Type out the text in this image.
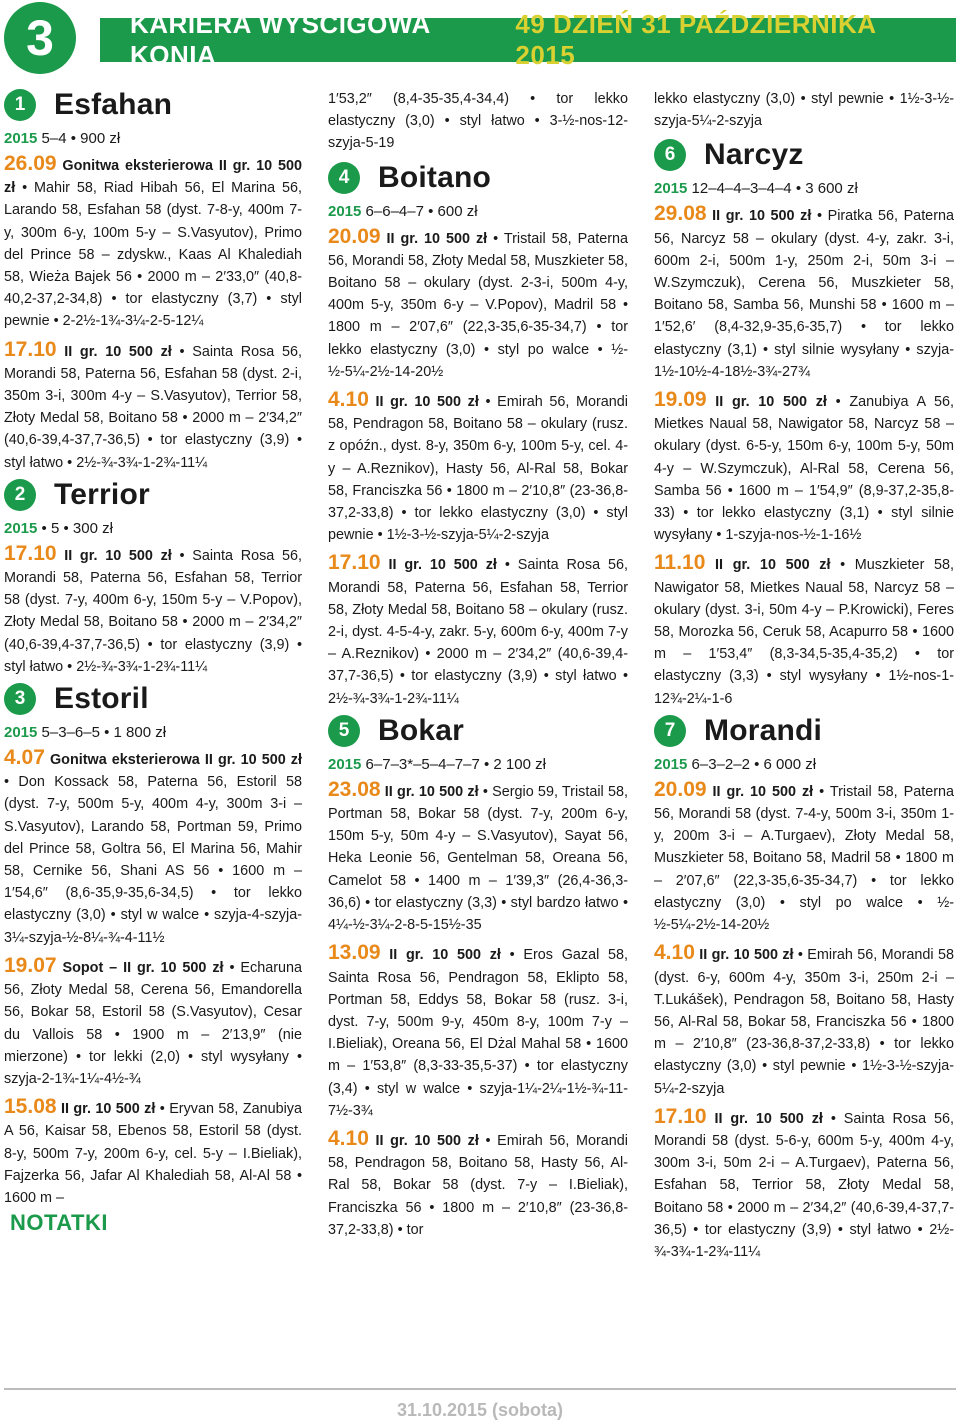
3	KARIERA WYŚCIGOWA KONIA
49 DZIEŃ 31 PAŹDZIERNIKA 2015
1 Esfahan
2015 5–4 • 900 zł
26.09 Gonitwa eksterierowa II gr. 10 500 zł • Mahir 58, Riad Hibah 56, El Marina 56, Larando 58, Esfahan 58 (dyst. 7-8-y, 400m 7-y, 300m 6-y, 100m 5-y – S.Vasyutov), Primo del Prince 58 – zdyskw., Kaas Al Khalediah 58, Wieża Bajek 56 • 2000 m – 2′33,0″ (40,8-40,2-37,2-34,8) • tor elastyczny (3,7) • styl pewnie • 2-2½-1¾-3¼-2-5-12¼
17.10 II gr. 10 500 zł • Sainta Rosa 56, Morandi 58, Paterna 56, Esfahan 58 (dyst. 2-i, 350m 3-i, 300m 4-y – S.Vasyutov), Terrior 58, Złoty Medal 58, Boitano 58 • 2000 m – 2′34,2″ (40,6-39,4-37,7-36,5) • tor elastyczny (3,9) • styl łatwo • 2½-¾-3¾-1-2¾-11¼
2 Terrior
2015 • 5 • 300 zł
17.10 II gr. 10 500 zł • Sainta Rosa 56, Morandi 58, Paterna 56, Esfahan 58, Terrior 58 (dyst. 7-y, 400m 6-y, 150m 5-y – V.Popov), Złoty Medal 58, Boitano 58 • 2000 m – 2′34,2″ (40,6-39,4-37,7-36,5) • tor elastyczny (3,9) • styl łatwo • 2½-¾-3¾-1-2¾-11¼
3 Estoril
2015 5–3–6–5 • 1 800 zł
4.07 Gonitwa eksterierowa II gr. 10 500 zł • Don Kossack 58, Paterna 56, Estoril 58 (dyst. 7-y, 500m 5-y, 400m 4-y, 300m 3-i – S.Vasyutov), Larando 58, Portman 59, Primo del Prince 58, Goltra 56, El Marina 56, Mahir 58, Cernike 56, Shani AS 56 • 1600 m – 1′54,6″ (8,6-35,9-35,6-34,5) • tor lekko elastyczny (3,0) • styl w walce • szyja-4-szyja-3¼-szyja-½-8¼-¾-4-11½
19.07 Sopot – II gr. 10 500 zł • Echaruna 56, Złoty Medal 58, Cerena 56, Emandorella 56, Bokar 58, Estoril 58 (S.Vasyutov), Cesar du Vallois 58 • 1900 m – 2′13,9″ (nie mierzone) • tor lekki (2,0) • styl wysyłany • szyja-2-1¾-1¼-4½-¾
15.08 II gr. 10 500 zł • Eryvan 58, Zanubiya A 56, Kaisar 58, Ebenos 58, Estoril 58 (dyst. 8-y, 500m 7-y, 200m 6-y, cel. 5-y – I.Bieliak), Fajzerka 56, Jafar Al Khalediah 58, Al-Al 58 • 1600 m –
1′53,2″ (8,4-35-35,4-34,4) • tor lekko elastyczny (3,0) • styl łatwo • 3-½-nos-12-szyja-5-19
4 Boitano
2015 6–6–4–7 • 600 zł
20.09 II gr. 10 500 zł • Tristail 58, Paterna 56, Morandi 58, Złoty Medal 58, Muszkieter 58, Boitano 58 – okulary (dyst. 2-3-i, 500m 4-y, 400m 5-y, 350m 6-y – V.Popov), Madril 58 • 1800 m – 2′07,6″ (22,3-35,6-35-34,7) • tor lekko elastyczny (3,0) • styl po walce • ½-½-5¼-2½-14-20½
4.10 II gr. 10 500 zł • Emirah 56, Morandi 58, Pendragon 58, Boitano 58 – okulary (rusz. z opóźn., dyst. 8-y, 350m 6-y, 100m 5-y, cel. 4-y – A.Reznikov), Hasty 56, Al-Ral 58, Bokar 58, Franciszka 56 • 1800 m – 2′10,8″ (23-36,8-37,2-33,8) • tor lekko elastyczny (3,0) • styl pewnie • 1½-3-½-szyja-5¼-2-szyja
17.10 II gr. 10 500 zł • Sainta Rosa 56, Morandi 58, Paterna 56, Esfahan 58, Terrior 58, Złoty Medal 58, Boitano 58 – okulary (rusz. 2-i, dyst. 4-5-4-y, zakr. 5-y, 600m 6-y, 400m 7-y – A.Reznikov) • 2000 m – 2′34,2″ (40,6-39,4-37,7-36,5) • tor elastyczny (3,9) • styl łatwo • 2½-¾-3¾-1-2¾-11¼
5 Bokar
2015 6–7–3*–5–4–7–7 • 2 100 zł
23.08 II gr. 10 500 zł • Sergio 59, Tristail 58, Portman 58, Bokar 58 (dyst. 7-y, 200m 6-y, 150m 5-y, 50m 4-y – S.Vasyutov), Sayat 56, Heka Leonie 56, Gentelman 58, Oreana 56, Camelot 58 • 1400 m – 1′39,3″ (26,4-36,3-36,6) • tor elastyczny (3,3) • styl bardzo łatwo • 4¼-½-3¼-2-8-5-15½-35
13.09 II gr. 10 500 zł • Eros Gazal 58, Sainta Rosa 56, Pendragon 58, Eklipto 58, Portman 58, Eddys 58, Bokar 58 (rusz. 3-i, dyst. 7-y, 500m 9-y, 450m 8-y, 100m 7-y – I.Bieliak), Oreana 56, El Dżal Mahal 58 • 1600 m – 1′53,8″ (8,3-33-35,5-37) • tor elastyczny (3,4) • styl w walce • szyja-1¼-2¼-1½-¾-11-7½-3¾
4.10 II gr. 10 500 zł • Emirah 56, Morandi 58, Pendragon 58, Boitano 58, Hasty 56, Al-Ral 58, Bokar 58 (dyst. 7-y – I.Bieliak), Franciszka 56 • 1800 m – 2′10,8″ (23-36,8-37,2-33,8) • tor
lekko elastyczny (3,0) • styl pewnie • 1½-3-½-szyja-5¼-2-szyja
6 Narcyz
2015 12–4–4–3–4–4 • 3 600 zł
29.08 II gr. 10 500 zł • Piratka 56, Paterna 56, Narcyz 58 – okulary (dyst. 4-y, zakr. 3-i, 600m 2-i, 500m 1-y, 250m 2-i, 50m 3-i – W.Szymczuk), Cerena 56, Muszkieter 58, Boitano 58, Samba 56, Munshi 58 • 1600 m – 1′52,6′ (8,4-32,9-35,6-35,7) • tor lekko elastyczny (3,1) • styl silnie wysyłany • szyja-1½-10½-4-18½-3¾-27¾
19.09 II gr. 10 500 zł • Zanubiya A 56, Mietkes Naual 58, Nawigator 58, Narcyz 58 – okulary (dyst. 6-5-y, 150m 6-y, 100m 5-y, 50m 4-y – W.Szymczuk), Al-Ral 58, Cerena 56, Samba 56 • 1600 m – 1′54,9″ (8,9-37,2-35,8-33) • tor lekko elastyczny (3,1) • styl silnie wysyłany • 1-szyja-nos-½-1-16½
11.10 II gr. 10 500 zł • Muszkieter 58, Nawigator 58, Mietkes Naual 58, Narcyz 58 – okulary (dyst. 3-i, 50m 4-y – P.Krowicki), Feres 58, Morozka 56, Ceruk 58, Acapurro 58 • 1600 m – 1′53,4″ (8,3-34,5-35,4-35,2) • tor elastyczny (3,3) • styl wysyłany • 1½-nos-1-12¾-2¼-1-6
7 Morandi
2015 6–3–2–2 • 6 000 zł
20.09 II gr. 10 500 zł • Tristail 58, Paterna 56, Morandi 58 (dyst. 7-4-y, 500m 3-i, 350m 1-y, 200m 3-i – A.Turgaev), Złoty Medal 58, Muszkieter 58, Boitano 58, Madril 58 • 1800 m – 2′07,6″ (22,3-35,6-35-34,7) • tor lekko elastyczny (3,0) • styl po walce • ½-½-5¼-2½-14-20½
4.10 II gr. 10 500 zł • Emirah 56, Morandi 58 (dyst. 6-y, 600m 4-y, 350m 3-i, 250m 2-i – T.Lukášek), Pendragon 58, Boitano 58, Hasty 56, Al-Ral 58, Bokar 58, Franciszka 56 • 1800 m – 2′10,8″ (23-36,8-37,2-33,8) • tor lekko elastyczny (3,0) • styl pewnie • 1½-3-½-szyja-5¼-2-szyja
17.10 II gr. 10 500 zł • Sainta Rosa 56, Morandi 58 (dyst. 5-6-y, 600m 5-y, 400m 4-y, 300m 3-i, 50m 2-i – A.Turgaev), Paterna 56, Esfahan 58, Terrior 58, Złoty Medal 58, Boitano 58 • 2000 m – 2′34,2″ (40,6-39,4-37,7-36,5) • tor elastyczny (3,9) • styl łatwo • 2½-¾-3¾-1-2¾-11¼
NOTATKI
31.10.2015 (sobota)
